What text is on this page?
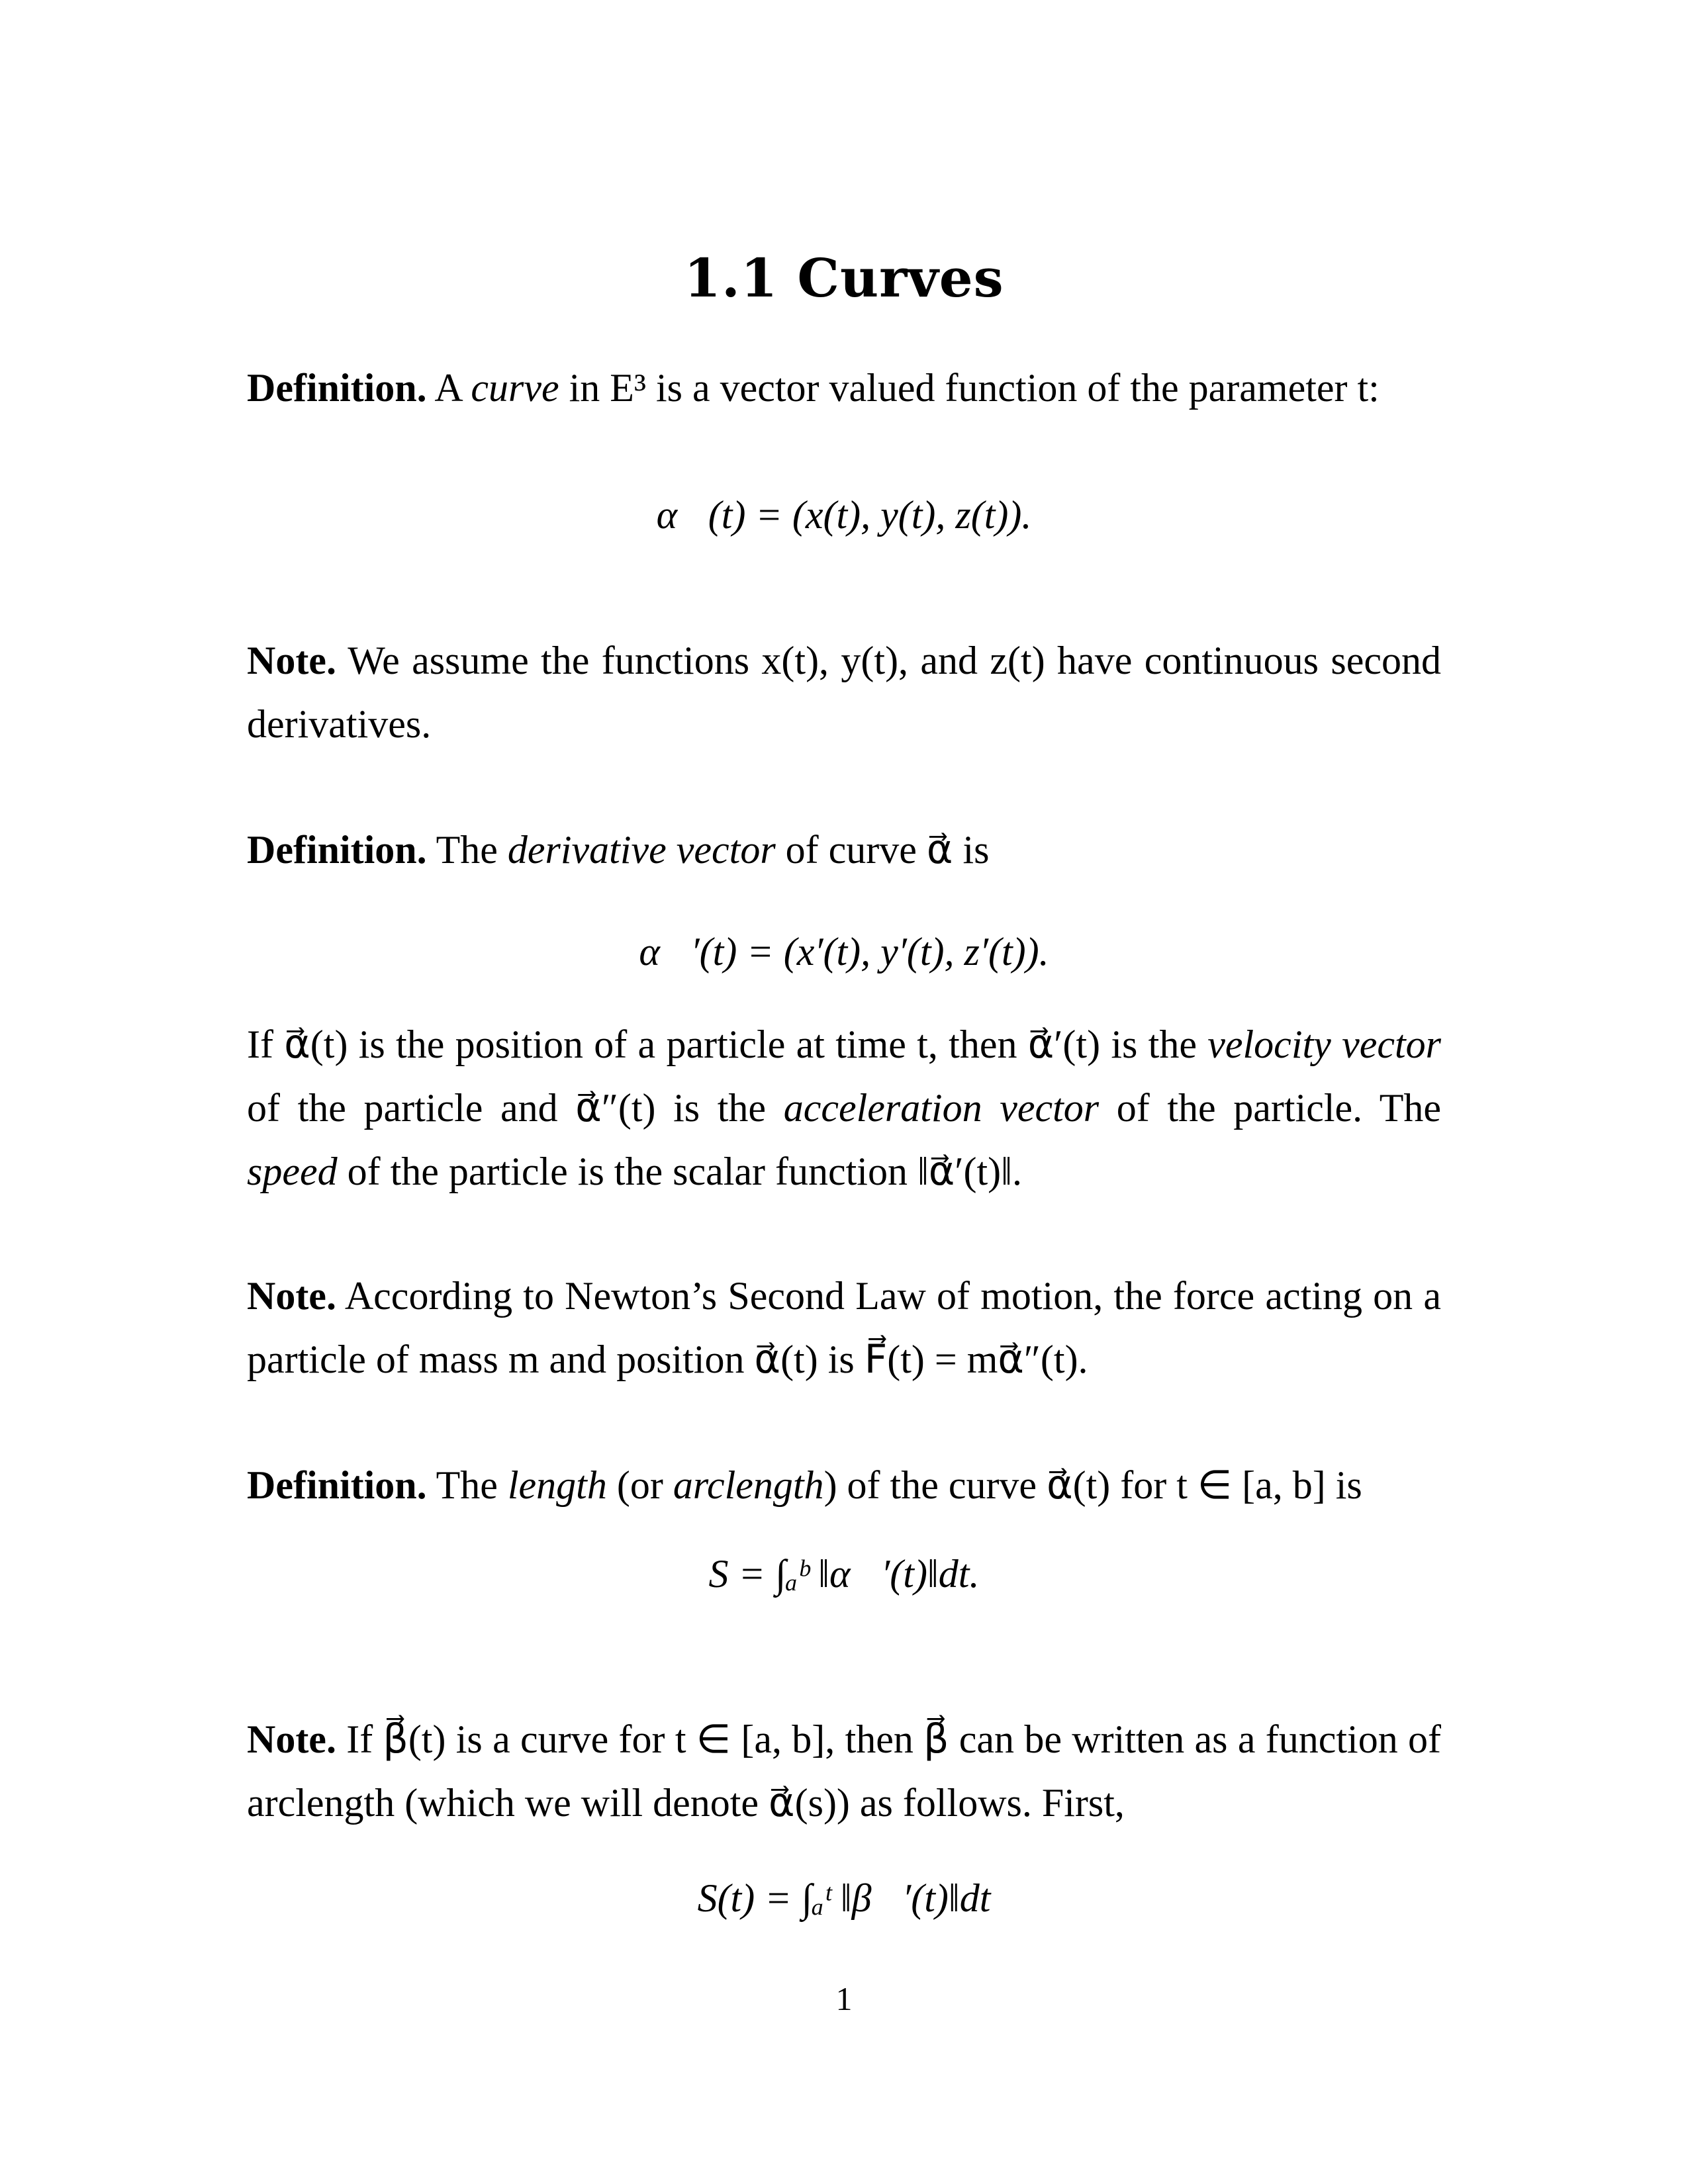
1.1 Curves

Definition. A curve in E³ is a vector valued function of the parameter t:

α⃗(t) = (x(t), y(t), z(t)).

Note. We assume the functions x(t), y(t), and z(t) have continuous second derivatives.

Definition. The derivative vector of curve α⃗ is

α⃗′(t) = (x′(t), y′(t), z′(t)).

If α⃗(t) is the position of a particle at time t, then α⃗′(t) is the velocity vector of the particle and α⃗″(t) is the acceleration vector of the particle. The speed of the particle is the scalar function ‖α⃗′(t)‖.

Note. According to Newton’s Second Law of motion, the force acting on a particle of mass m and position α⃗(t) is F⃗(t) = mα⃗″(t).

Definition. The length (or arclength) of the curve α⃗(t) for t ∈ [a, b] is

S = ∫ₐᵇ ‖α⃗′(t)‖dt.

Note. If β⃗(t) is a curve for t ∈ [a, b], then β⃗ can be written as a function of arclength (which we will denote α⃗(s)) as follows. First,

S(t) = ∫ₐᵗ ‖β⃗′(t)‖dt
1
